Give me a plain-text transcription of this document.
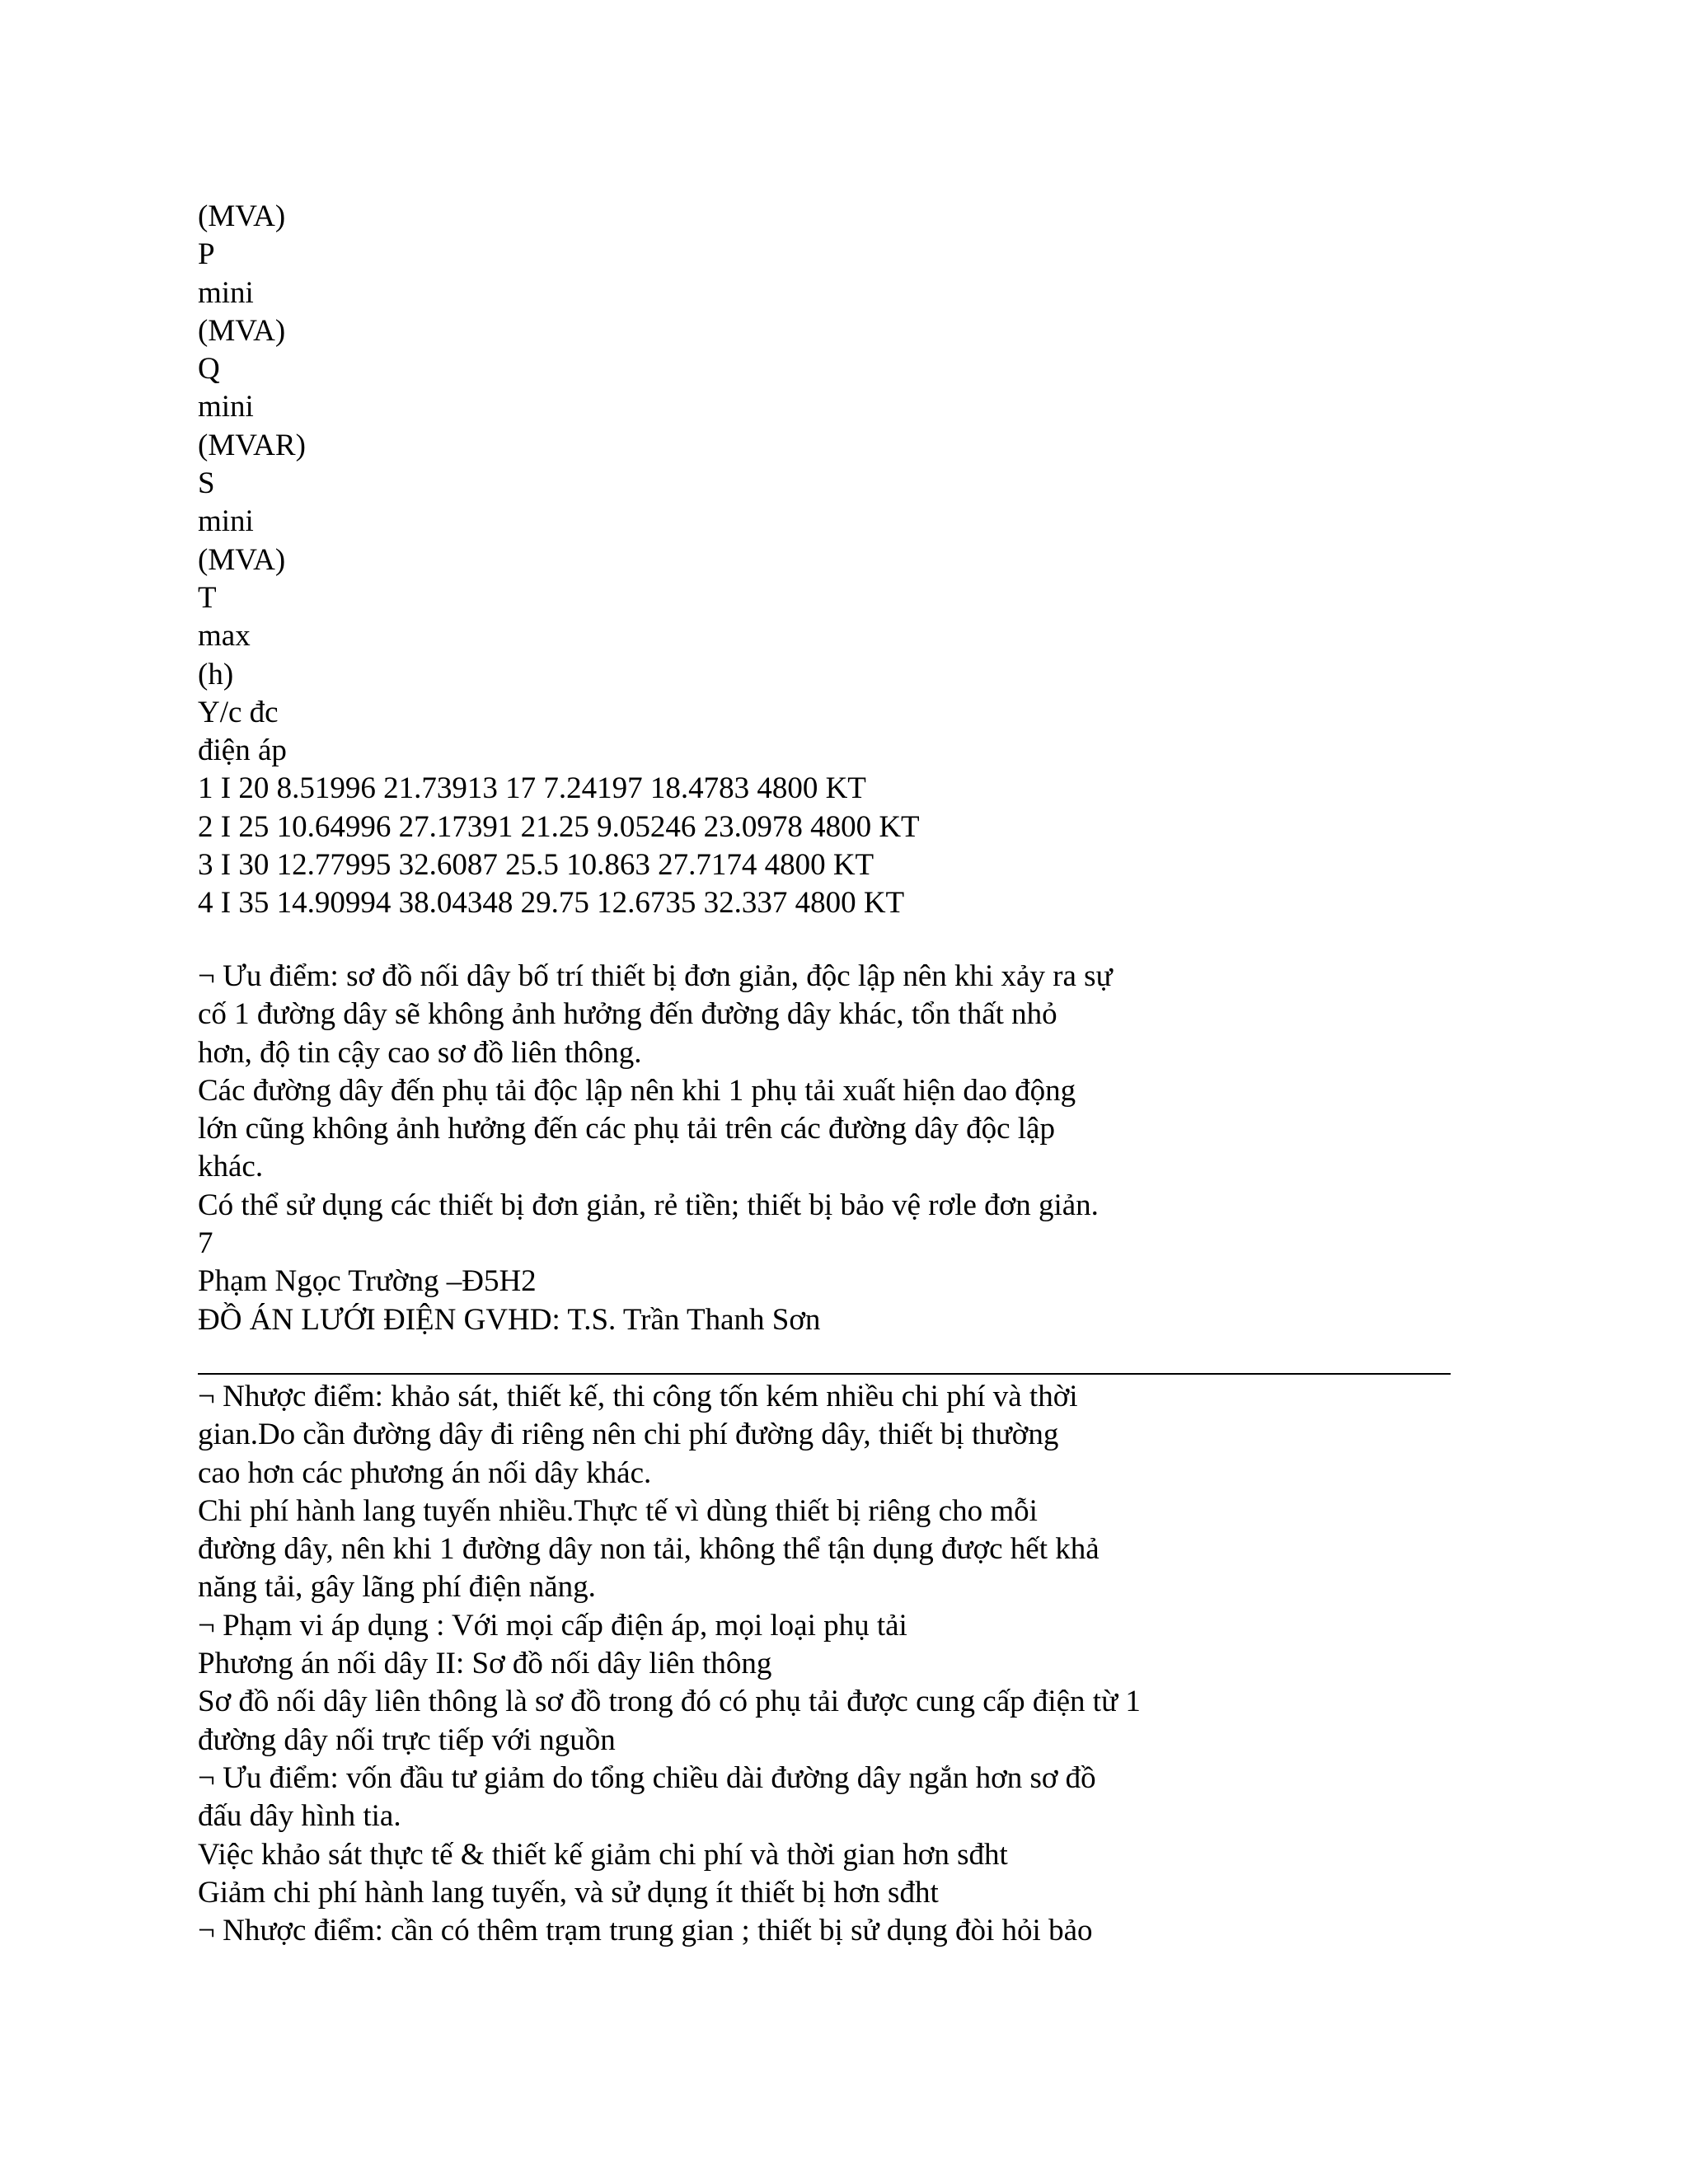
(MVA)
P
mini
(MVA)
Q
mini
(MVAR)
S
mini
(MVA)
T
max
(h)
Y/c đc
điện áp
1 I 20 8.51996 21.73913 17 7.24197 18.4783 4800 KT
2 I 25 10.64996 27.17391 21.25 9.05246 23.0978 4800 KT
3 I 30 12.77995 32.6087 25.5 10.863 27.7174 4800 KT
4 I 35 14.90994 38.04348 29.75 12.6735 32.337 4800 KT
¬ Ưu điểm: sơ đồ nối dây bố trí thiết bị đơn giản, độc lập nên khi xảy ra sự
cố 1 đường dây sẽ không ảnh hưởng đến đường dây khác, tổn thất nhỏ
hơn, độ tin cậy cao sơ đồ liên thông.
Các đường dây đến phụ tải độc lập nên khi 1 phụ tải xuất hiện dao động
lớn cũng không ảnh hưởng đến các phụ tải trên các đường dây độc lập
khác.
Có thể sử dụng các thiết bị đơn giản, rẻ tiền; thiết bị bảo vệ rơle đơn giản.
7
Phạm Ngọc Trường –Đ5H2
ĐỒ ÁN LƯỚI ĐIỆN GVHD: T.S. Trần Thanh Sơn
¬ Nhược điểm: khảo sát, thiết kế, thi công tốn kém nhiều chi phí và thời
gian.Do cần đường dây đi riêng nên chi phí đường dây, thiết bị thường
cao hơn các phương án nối dây khác.
Chi phí hành lang tuyến nhiều.Thực tế vì dùng thiết bị riêng cho mỗi
đường dây, nên khi 1 đường dây non tải, không thể tận dụng được hết khả
năng tải, gây lãng phí điện năng.
¬ Phạm vi áp dụng : Với mọi cấp điện áp, mọi loại phụ tải
Phương án nối dây II: Sơ đồ nối dây liên thông
Sơ đồ nối dây liên thông là sơ đồ trong đó có phụ tải được cung cấp điện từ 1
đường dây nối trực tiếp với nguồn
¬ Ưu điểm: vốn đầu tư giảm do tổng chiều dài đường dây ngắn hơn sơ đồ
đấu dây hình tia.
Việc khảo sát thực tế & thiết kế giảm chi phí và thời gian hơn sđht
Giảm chi phí hành lang tuyến, và sử dụng ít thiết bị hơn sđht
¬ Nhược điểm: cần có thêm trạm trung gian ; thiết bị sử dụng đòi hỏi bảo
